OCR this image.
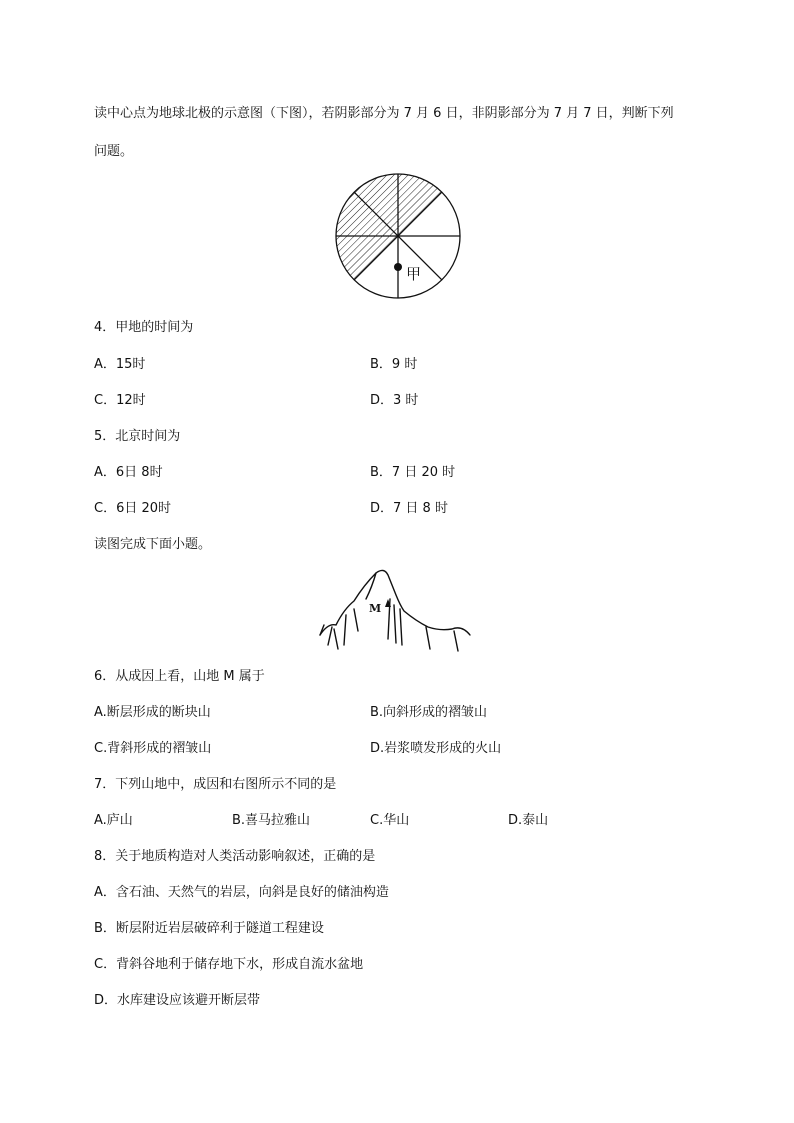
读中心点为地球北极的示意图（下图），若阴影部分为 7 月 6 日，非阴影部分为 7 月 7 日，判断下列
问题。
甲
4．甲地的时间为
A．15时	B．9 时
C．12时	D．3 时
5．北京时间为
A．6日 8时	B．7 日 20 时
C．6日 20时	D．7 日 8 时
读图完成下面小题。
M
6．从成因上看，山地 M 属于
A.断层形成的断块山	B.向斜形成的褶皱山
C.背斜形成的褶皱山	D.岩浆喷发形成的火山
7．下列山地中，成因和右图所示不同的是
A.庐山	B.喜马拉雅山	C.华山	D.泰山
8．关于地质构造对人类活动影响叙述，正确的是
A．含石油、天然气的岩层，向斜是良好的储油构造
B．断层附近岩层破碎利于隧道工程建设
C．背斜谷地利于储存地下水，形成自流水盆地
D．水库建设应该避开断层带
